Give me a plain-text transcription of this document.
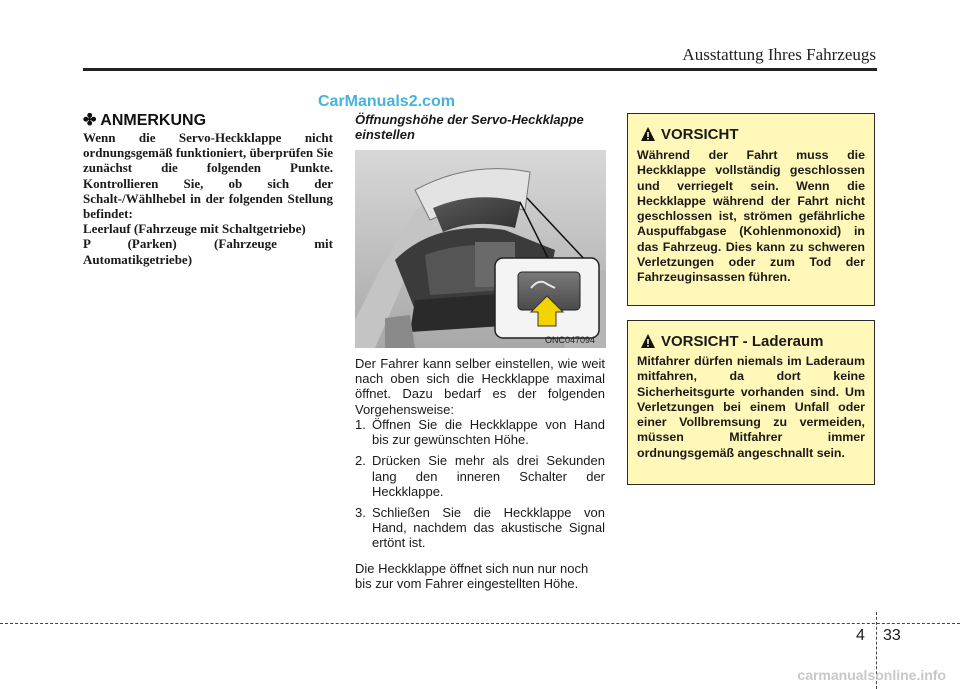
Ausstattung Ihres Fahrzeugs
CarManuals2.com
✤ ANMERKUNG

Wenn die Servo-Heckklappe nicht ordnungsgemäß funktioniert, überprüfen Sie zunächst die folgenden Punkte. Kontrollieren Sie, ob sich der Schalt-/Wählhebel in der folgenden Stellung befindet:

Leerlauf (Fahrzeuge mit Schaltgetriebe)

P (Parken) (Fahrzeuge mit Automatikgetriebe)

Öffnungshöhe der Servo-Heckklappe einstellen
ONC047094
Der Fahrer kann selber einstellen, wie weit nach oben sich die Heckklappe maximal öffnet. Dazu bedarf es der folgenden Vorgehensweise:
1. Öffnen Sie die Heckklappe von Hand bis zur gewünschten Höhe.
2. Drücken Sie mehr als drei Sekunden lang den inneren Schalter der Heckklappe.
3. Schließen Sie die Heckklappe von Hand, nachdem das akustische Signal ertönt ist.
Die Heckklappe öffnet sich nun nur noch bis zur vom Fahrer eingestellten Höhe.
VORSICHT
Während der Fahrt muss die Heckklappe vollständig geschlossen und verriegelt sein. Wenn die Heckklappe während der Fahrt nicht geschlossen ist, strömen gefährliche Auspuffabgase (Kohlenmonoxid) in das Fahrzeug. Dies kann zu schweren Verletzungen oder zum Tod der Fahrzeuginsassen führen.
VORSICHT - Laderaum
Mitfahrer dürfen niemals im Laderaum mitfahren, da dort keine Sicherheitsgurte vorhanden sind. Um Verletzungen bei einem Unfall oder einer Vollbremsung zu vermeiden, müssen Mitfahrer immer ordnungsgemäß angeschnallt sein.
4 33
carmanualsonline.info
